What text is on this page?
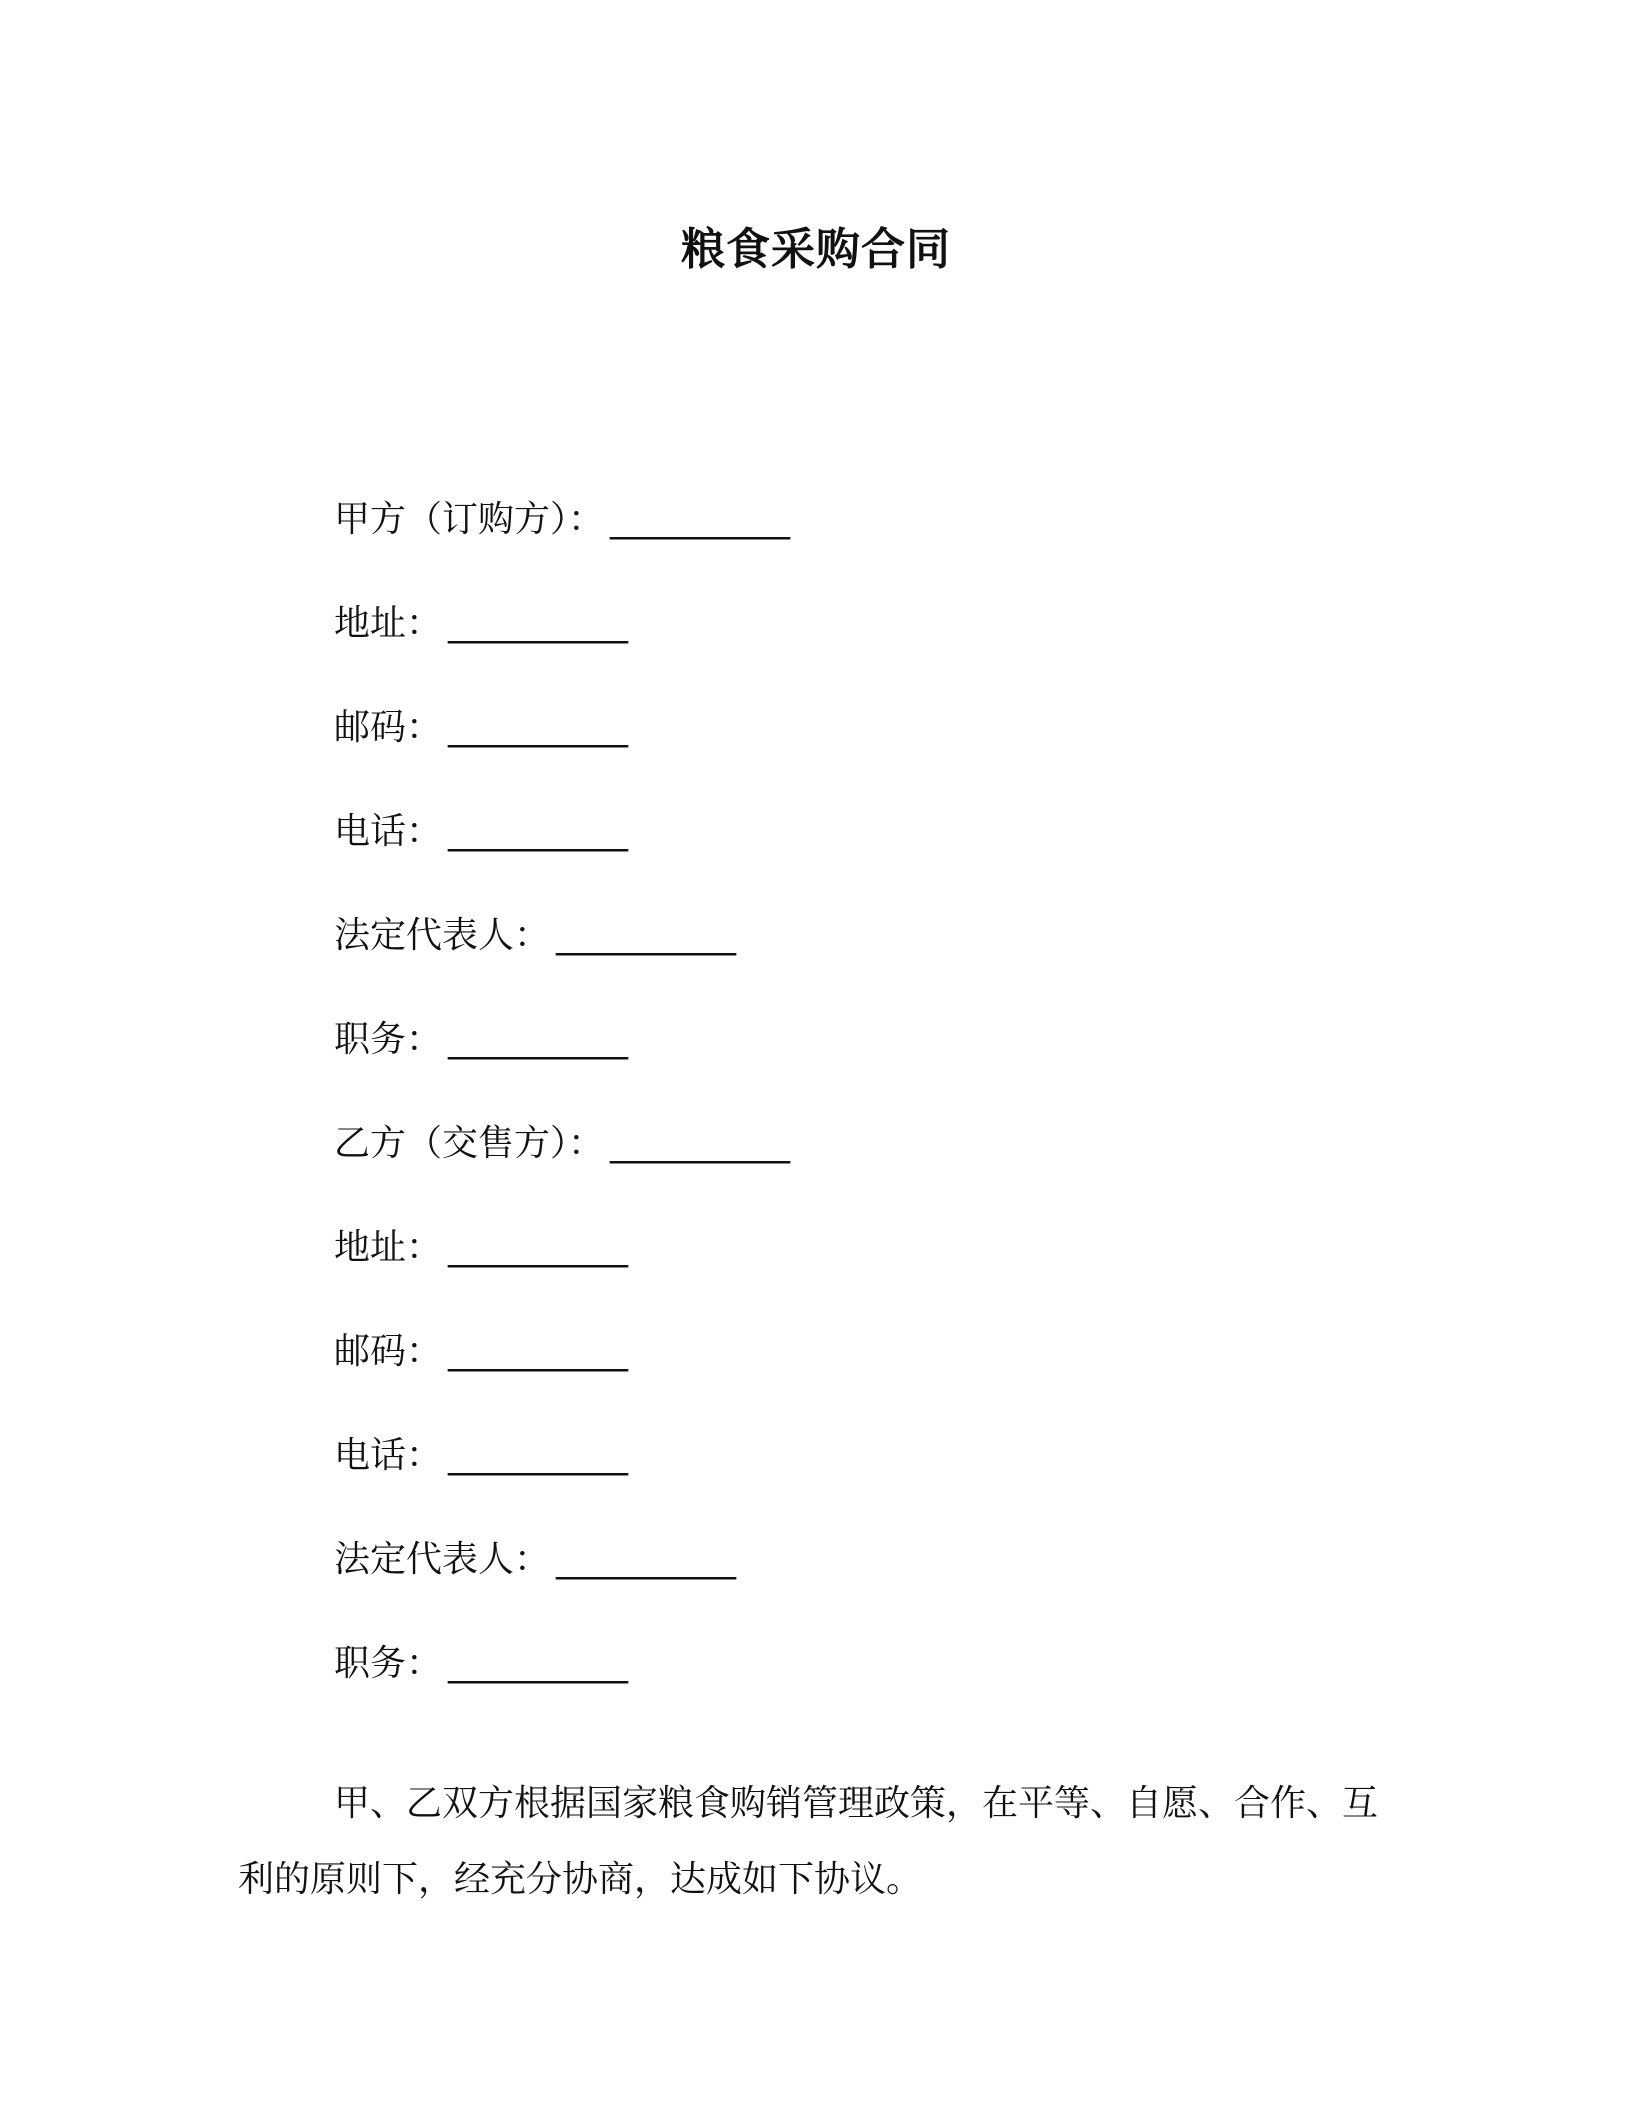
粮食采购合同
甲方（订购方）： __________
地址： __________
邮码： __________
电话： __________
法定代表人： __________
职务： __________
乙方（交售方）： __________
地址： __________
邮码： __________
电话： __________
法定代表人： __________
职务： __________

甲、乙双方根据国家粮食购销管理政策，在平等、自愿、合作、互利的原则下，经充分协商，达成如下协议。
